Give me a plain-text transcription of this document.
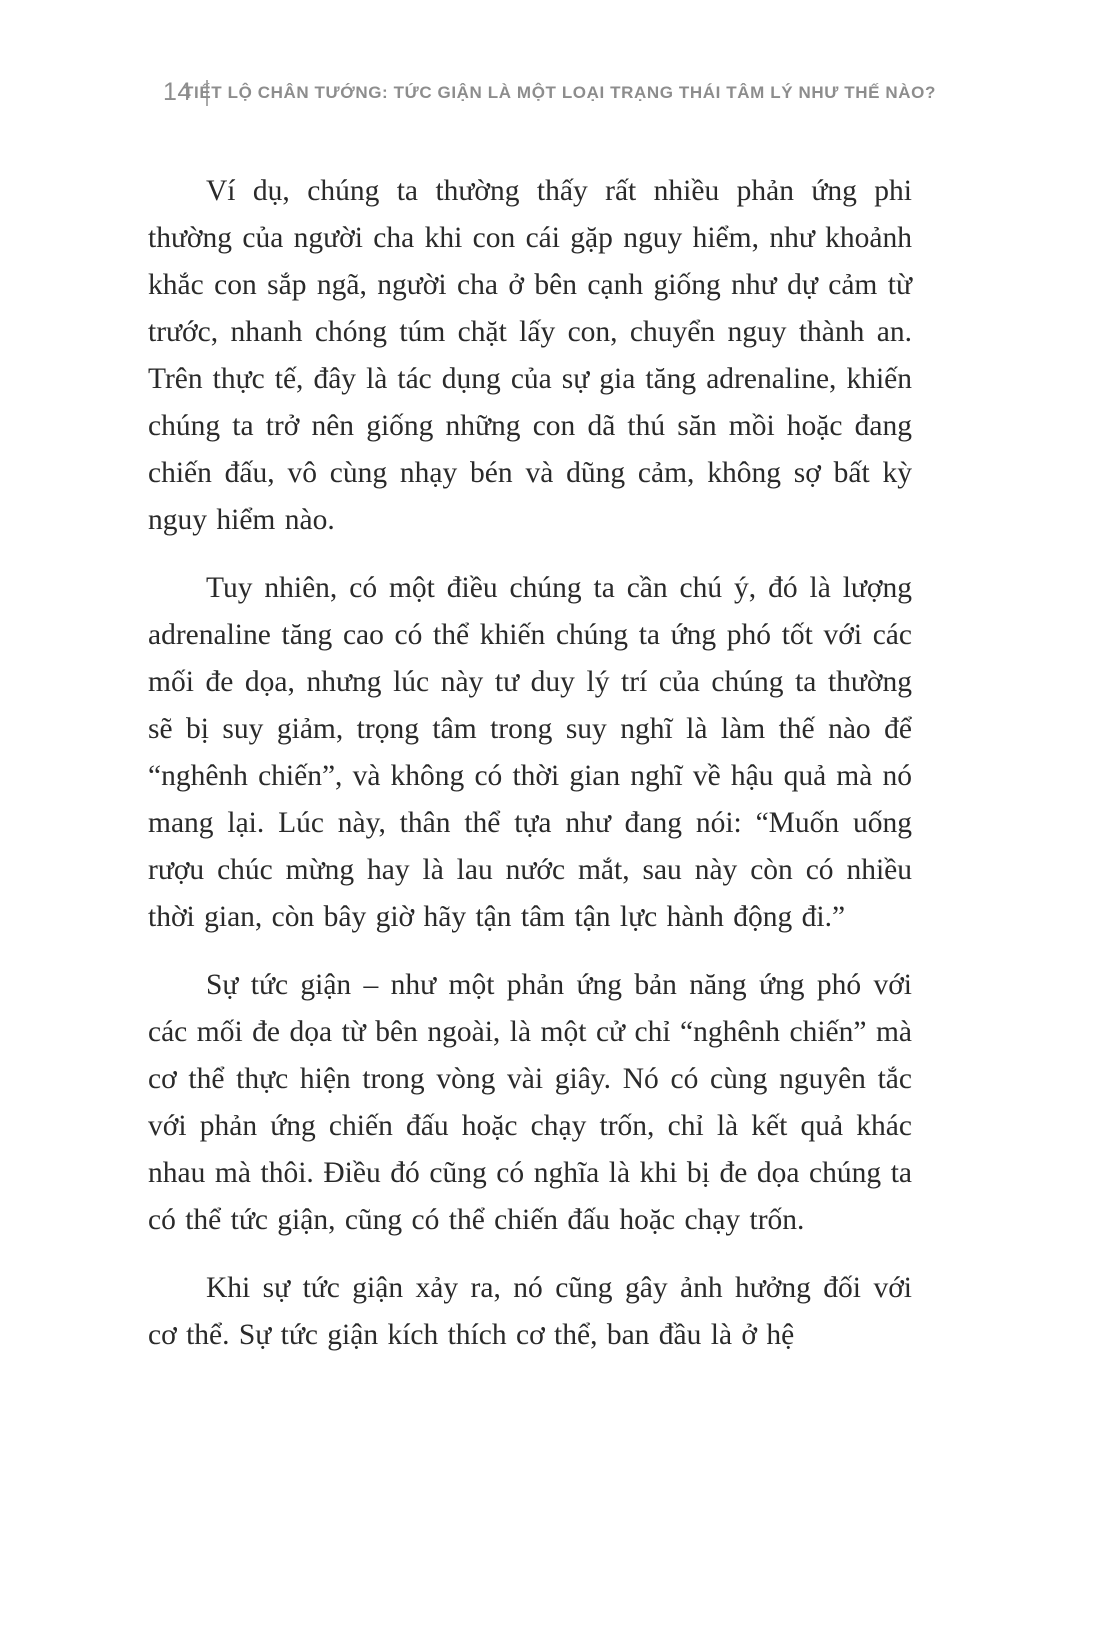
14
TIẾT LỘ CHÂN TƯỚNG: TỨC GIẬN LÀ MỘT LOẠI TRẠNG THÁI TÂM LÝ NHƯ THẾ NÀO?

Ví dụ, chúng ta thường thấy rất nhiều phản ứng phi thường của người cha khi con cái gặp nguy hiểm, như khoảnh khắc con sắp ngã, người cha ở bên cạnh giống như dự cảm từ trước, nhanh chóng túm chặt lấy con, chuyển nguy thành an. Trên thực tế, đây là tác dụng của sự gia tăng adrenaline, khiến chúng ta trở nên giống những con dã thú săn mồi hoặc đang chiến đấu, vô cùng nhạy bén và dũng cảm, không sợ bất kỳ nguy hiểm nào.

Tuy nhiên, có một điều chúng ta cần chú ý, đó là lượng adrenaline tăng cao có thể khiến chúng ta ứng phó tốt với các mối đe dọa, nhưng lúc này tư duy lý trí của chúng ta thường sẽ bị suy giảm, trọng tâm trong suy nghĩ là làm thế nào để “nghênh chiến”, và không có thời gian nghĩ về hậu quả mà nó mang lại. Lúc này, thân thể tựa như đang nói: “Muốn uống rượu chúc mừng hay là lau nước mắt, sau này còn có nhiều thời gian, còn bây giờ hãy tận tâm tận lực hành động đi.”

Sự tức giận – như một phản ứng bản năng ứng phó với các mối đe dọa từ bên ngoài, là một cử chỉ “nghênh chiến” mà cơ thể thực hiện trong vòng vài giây. Nó có cùng nguyên tắc với phản ứng chiến đấu hoặc chạy trốn, chỉ là kết quả khác nhau mà thôi. Điều đó cũng có nghĩa là khi bị đe dọa chúng ta có thể tức giận, cũng có thể chiến đấu hoặc chạy trốn.

Khi sự tức giận xảy ra, nó cũng gây ảnh hưởng đối với cơ thể. Sự tức giận kích thích cơ thể, ban đầu là ở hệ
